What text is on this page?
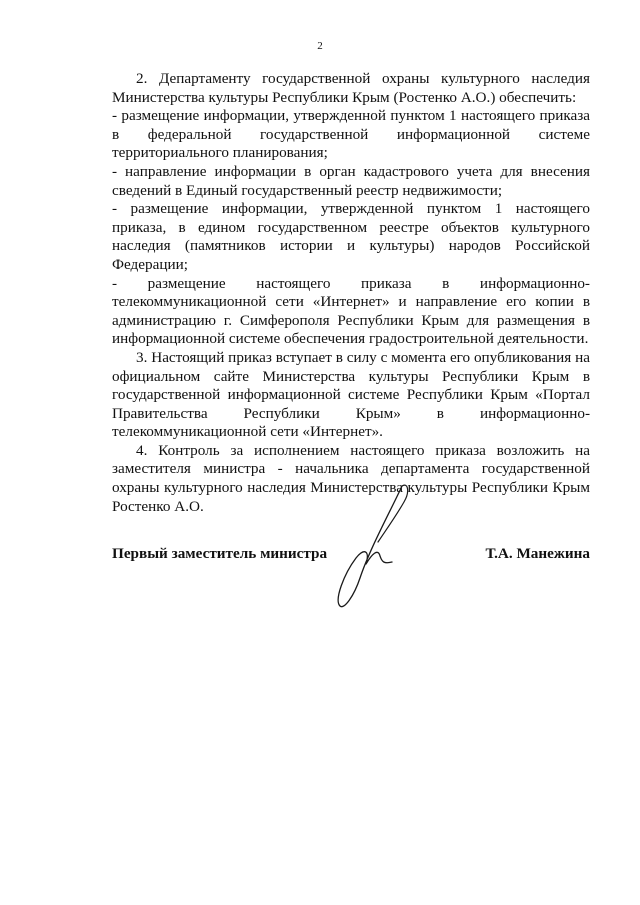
2

2. Департаменту государственной охраны культурного наследия Министерства культуры Республики Крым (Ростенко А.О.) обеспечить:

- размещение информации, утвержденной пунктом 1 настоящего приказа в федеральной государственной информационной системе территориального планирования;

- направление информации в орган кадастрового учета для внесения сведений в Единый государственный реестр недвижимости;

- размещение информации, утвержденной пунктом 1 настоящего приказа, в едином государственном реестре объектов культурного наследия (памятников истории и культуры) народов Российской Федерации;

- размещение настоящего приказа в информационно-телекоммуникационной сети «Интернет» и направление его копии в администрацию г. Симферополя Республики Крым для размещения в информационной системе обеспечения градостроительной деятельности.

3. Настоящий приказ вступает в силу с момента его опубликования на официальном сайте Министерства культуры Республики Крым в государственной информационной системе Республики Крым «Портал Правительства Республики Крым» в информационно-телекоммуникационной сети «Интернет».

4. Контроль за исполнением настоящего приказа возложить на заместителя министра - начальника департамента государственной охраны культурного наследия Министерства культуры Республики Крым Ростенко А.О.

Первый заместитель министра	Т.А. Манежина
